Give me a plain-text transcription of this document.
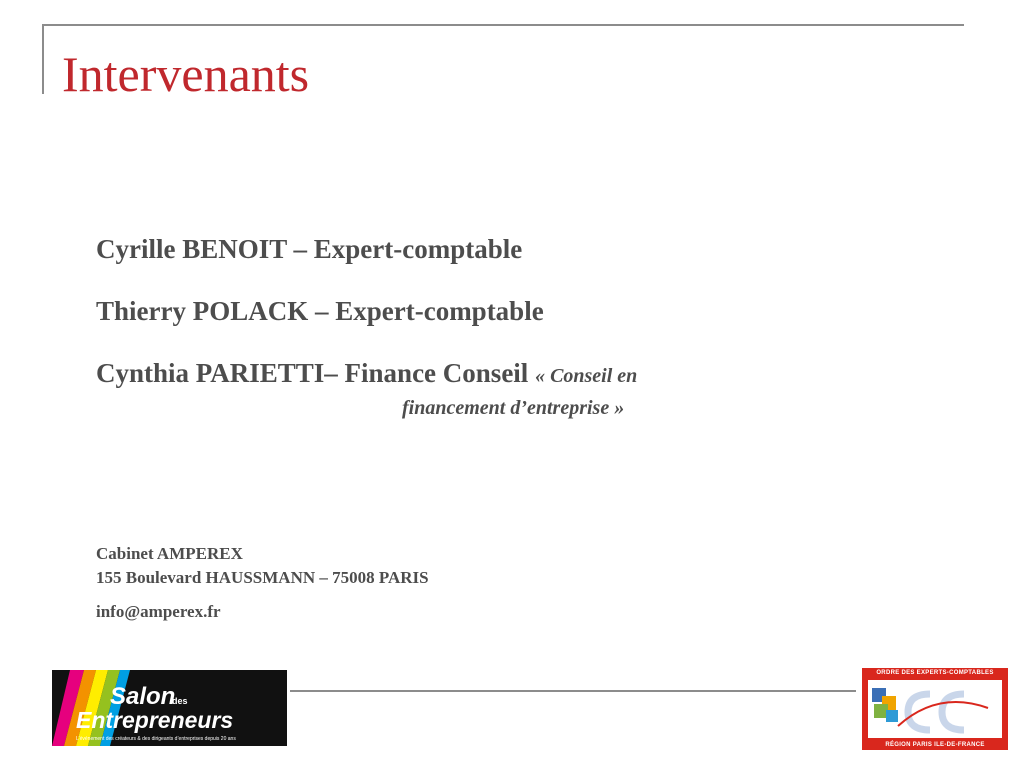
Intervenants

Cyrille BENOIT – Expert-comptable

Thierry POLACK – Expert-comptable

Cynthia PARIETTI– Finance Conseil « Conseil en

financement d’entreprise »
Cabinet AMPEREX
155 Boulevard HAUSSMANN – 75008 PARIS
info@amperex.fr
Salon
des
Entrepreneurs
L’événement des créateurs & des dirigeants d’entreprises depuis 20 ans
ORDRE DES EXPERTS-COMPTABLES
RÉGION PARIS ILE-DE-FRANCE
